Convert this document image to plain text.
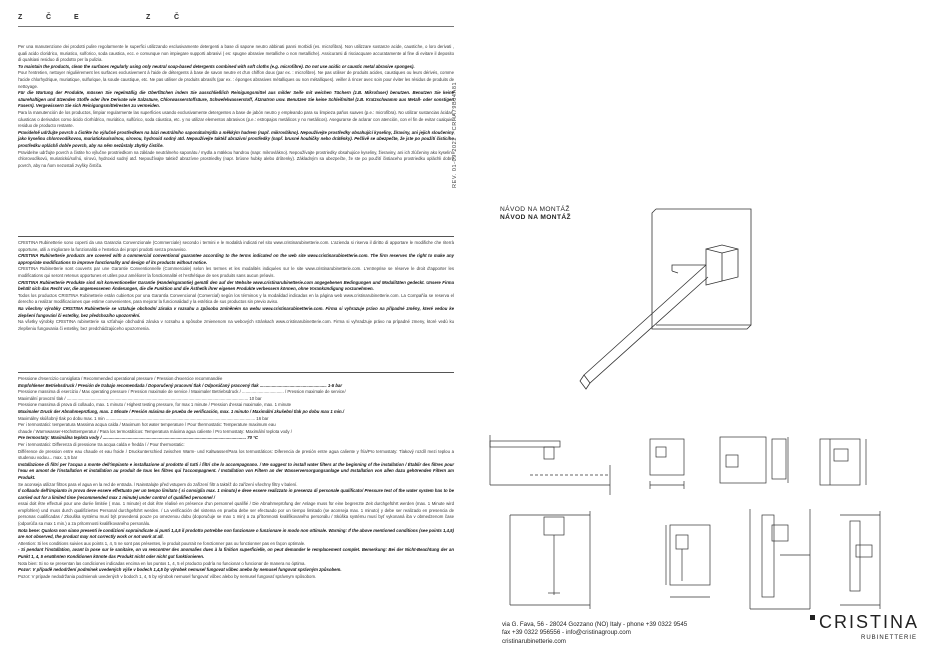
Z	Č	E	Z	Č
Per una manutenzione dei prodotti pulire regolarmente le superfici utilizzando esclusivamente detergenti a base di sapone neutro abbinati panni morbidi (es. microfibra). Non utilizzare sostanze acide, caustiche, o loro derivati , quali acido cloridrico, muriatico, solforico, soda caustica, ecc. e comunque non impiegare supporti abrasivi ( es: spugne abrasive metalliche o non metalliche). Assicurarsi di risciacquare accuratamente al fine di evitare il deposito di qualsiasi residuo di prodotto per la pulizia.
To maintain the products, clean the surfaces regularly using only neutral soap-based detergents combined with soft cloths (e.g. microfibre). Do not use acidic or caustic metal abrasive sponges).
Pour l'entretien, nettoyer régulièrement les surfaces exclusivement à l'aide de détergents à base de savon neutre et d'un chiffon doux (par ex. : microfibre). Ne pas utiliser de produits acides, caustiques ou leurs dérivés, comme l'acide chlorhydrique, muriatique, sulfurique, la soude caustique, etc. Ne pas utiliser de produits abrasifs (par ex. : éponges abrasives métalliques ou non métalliques). veiller à rincer avec soin pour éviter les résidus de produits de nettoyage.
Für die Wartung der Produkte, müssen Sie regelmäßig die Oberflächen indem Sie ausschließlich Reinigungsmittel aus milder Seife mit weichen Tüchern (z.B. Mikrofaser) benutzen. Benutzen Sie keine säurehaltigen und ätzenden Stoffe oder ihre Derivate wie Salzsäure, Chlorwasserstoffsäure, Schwefelwasserstoff, Ätznatron usw. Benutzen Sie keine Schleifmittel (z.B. Kratzschwamm aus Metall- oder sonstigen Fasern). Vergewissern Sie sich Reinigungsmittelresten zu vermeiden.
Para la manutención de los productos, limpiar regularmente las superficies usando exclusivamente detergentes a base de jabón neutro y empleando para su limpieza paños suaves (p.e.: microfibra). No utilizar sustancias ácidas, cáusticas o derivados como ácido clorhídrico, muriático, sulfúrico, soda cáustica, etc. y no utilizar elementos abrasivos (p.e.: estropajos metálicos y no metálicos). Asegurarse de aclarar con atención, con el fin de evitar cualquier residuo de producto restante.
Pravidelně udržujte povrch a čistěte ho výlučně prostředkem na bázi neutrálního saponátu/mýdla a měkkým hadrem (např. mikrovlákno). Nepoužívejte prostředky obsahující kyseliny, žíraviny, ani jejich sloučeniny jako kyselinu chlorovodíkovou, muriatickou/solnou, sírovou, hydroxid sodný atd. Nepoužívejte taktéž abrazivní prostředky (např. brusné houbičky nebo drátěnky). Pečlivě se ubezpečte, že jste po použití čisticího prostředku opláchli dobře povrch, aby na něm nezůstaly zbytky čističe.
Pravidelne udržujte povrch a čistite ho výlučne prostriedkom na základe neutrálneho saponátu / mydla a mäkkou handrou (napr. mikrovlákno). Nepoužívajte prostriedky obsahujúce kyseliny, žieraviny, ani ich zlúčeniny ako kyselinu chlorovodíkovú, muriatickú/soľnú, sírovú, hydroxid sodný atď. Nepoužívajte taktiež abrazívne prostriedky (napr. brúsne hubky alebo drôtenky). Základným sa ubezpečte, že ste po použití čistiaceho prostriedku opláchli dobre povrch, aby na ňom nezostali zvyšky čističa.
CRISTINA Rubinetterie sono coperti da una Garanzia Convenzionale (Commerciale) secondo i termini e le modalità indicati nel sito www.cristinarubinetterie.com. L'azienda si riserva il diritto di apportare le modifiche che riterrà opportune, utili a migliorare la funzionalità e l'estetica dei propri prodotti senza preavviso.
CRISTINA Rubinetterie products are covered with a commercial conventional guarantee according to the terms indicated on the web site www.cristinarubinetterie.com. The firm reserves the right to make any appropriate modifications to improve functionality and design of its products without notice.
CRISTINA Rubinetterie sont couverts par une Garantie Conventionnelle (Commerciale) selon les termes et les modalités indiquées sur le site www.cristinarubinetterie.com. L'entreprise se réserve le droit d'apporter les modifications qui seront retenus opportunes et utiles pour améliorer la fonctionnalité et l'esthétique de ses produits sans aucun préavis.
CRISTINA Rubinetterie Produkte sind mit konventioneller Garantie (Handelsgarantie) gemäß den auf der Website www.cristinarubinetterie.com angegebenen Bedingungen und Modalitäten gedeckt. Unsere Firma behält sich das Recht vor, die angemessenen Änderungen, die die Funktion und die Ästhetik ihrer eigenen Produkte verbessern können, ohne Vorankündigung vorzunehmen.
Todos los productos CRISTINA Rubinetterie están cubiertos por una Garantía Convencional (Comercial) según los términos y la modalidad indicadas en la página web www.cristinarubinetterie.com. La Compañía se reserva el derecho a realizar modificaciones que estime convenientes, para mejorar la funcionalidad y la estética de sus productos sin previo aviso.
Na všechny výrobky CRISTINA Rubinetterie se vztahuje obchodní záruka v rozsahu a způsobu zmíněném na webu www.cristinarubinetterie.com. Firma si vyhrazuje právo na případné změny, které vedou ke zlepšení fungování či estetiky, bez předchozího upozornění.
Na všetky výrobky CRISTINA rubinetterie sa vzťahuje obchodná záruka v rozsahu a spôsobe zmienenom na webových stránkach www.cristinarubinetterie.com. Firma si vyhradzuje právo na prípadné zmeny, ktoré vedú ku zlepšeniu fungovania či estetiky, bez predchádzajúceho upozornenia.
Pressione d'esercizio consigliata / Recommended operational pressure / Pression d'exercice recommandée
Empfohlener Betriebsdruck / Presión de trabajo recomendada / Doporučený pracovní tlak / Odporúčaný pracovný tlak ........................................................ 1-5 bar
Pressione massima di esercizio / Max operating pressure / Pression maximale de service / Maximaler Betriebsdruck / ................................... / Pression maximale de service/
Maximální provozní tlak / ........................................................................................................................................................ 10 bar
Pressione massima di prova di collaudo, max. 1 minuto / Highest testing pressure, for max 1 minute / Pression d'essai maximale, max. 1 minute
Maximaler Druck der Abnahmeprüfung, max. 1 Minute / Presión máxima de prueba de verificación, max. 1 minuto / Maximální zkušební tlak po dobu max 1 min./
Maximálny skúšobný tlak po dobu max. 1 min ............................................................................................................................. 16 bar
Per i termostatici: temperatura Massima acqua calda / Maximum hot water temperature / Pour thermostatic: Temperature maximum eau
chaude / Warmwasser-Höchsttemperatur / Para los termostáticos: Temperatura máxima agua caliente / Pro termostaty: Maximální teplota vody /
Pre termostaty: Maximálna teplota vody / ........................................................................................................................ 70 °C
Per i termostatici: Differenza di pressione tra acqua calda e fredda / / Pour thermostatic:
Différence de pression entre eau chaude et eau froide / Druckunterschied zwischen Warm- und Kaltwasser/Para los termostáticos: Diferencia de presión entre agua caliente y fría/Pro termostaty: Tlakový rozdíl mezi teplou a studenou vodou... max. 1,5 bar
Installazione di filtri per l'acqua a monte dell'impianto e installazione al prodotto di tutti i filtri che lo accompagnano. / We suggest to install water filters at the beginning of the installation / Établir des filtres pour l'eau en amont de l'installation et installation au produit de tous les filtres qui l'accompagnent. / Installation von Filtern an der Wasserversorgungsanlage und Installation von allen dazu gehörenden Filtern am Produkt.
Se aconseja utilizar filtros para el agua en la red de entrada. / Nainstalujte před vstupem do zařízení filtr a taktéž do zařízení všechny filtry v balení.
Il collaudo dell'impianto in prova deve essere effettuato per un tempo limitato ( si consiglia max. 1 minuto) e deve essere realizzato in presenza di personale qualificato/ Pressure test of the water system has to be carried out for a limited time (recommended max 1 minute) under control of qualified personnel /
essai doit être effectué pour une durée limitée ( max. 1 minute) et doit être réalisé en présence d'un personnel qualifié / Die Abnahmeprüfung der Anlage muss für eine begrenzte Zeit durchgeführt werden (max. 1 Minute wird empfohlen) und muss durch qualifiziertes Personal durchgeführt werden. / La verificación del sistema en prueba debe ser efectuado por un tiempo limitado (se aconseja max. 1 minuto) y debe ser realizado en presencia de personas cualificadas / Zkouška systému musí být provedená pouze po omezenou dobu (doporučuje se max 1 min) a za přítomnosti kvalifikovaného personálu / Skúška systému musí byť vykonaná iba v obmedzenom čase (odporúča sa max 1 min.) a za prítomnosti kvalifikovaného personálu.
Nota bene: Qualora non siano presenti le condizioni sopraindicate ai punti 1,4,5 il prodotto potrebbe non funzionare o funzionare in modo non ottimale. Warning: If the above mentioned conditions (see points 1,4,5) are not observed, the product may not correctly work or not work at all.
Attention: Si les conditions suivies aux points 1, 4, 5 ne sont pas présentes, le produit pourrait ne fonctionner pas ou fonctionner pas en façon optimale.
- Si pendant l'installation, avant la pose sur le sanitaire, on va rencontrer des anomalies dues à la finition superficielle, on peut demander le remplacement complet. Bemerkung: Bei der Nicht-Beachtung der an Punkt 1, 4, 5 erwähnten Konditionen könnte das Produkt nicht oder nicht gut funktionieren.
Nota bien: Si no se presentan las condiciones indicadas encima en los puntos 1, 4, 5 el producto podría no funcionar o funcionar de manera no óptima.
Pozor: V případě nedodržení podmínek uvedených výše v bodech 1,4,5 by výrobek nemusel fungovat vůbec anebo by nemusel fungovat správným způsobem.
Pozor: V prípade nedodržania podmienok uvedených v bodoch 1, 4, 5 by výrobok nemusel fungovať vôbec alebo by nemusel fungovať správnym spôsobom.
REV. 01-09-2022 · CRHA79B04A81
NÁVOD NA MONTÁŽ
NÁVOD NA MONTÁŽ
via G. Fava, 56 - 28024 Gozzano (NO) Italy - phone +39 0322 9545
fax +39 0322 956556 - info@cristinagroup.com
cristinarubinetterie.com
CRISTINA
RUBINETTERIE
